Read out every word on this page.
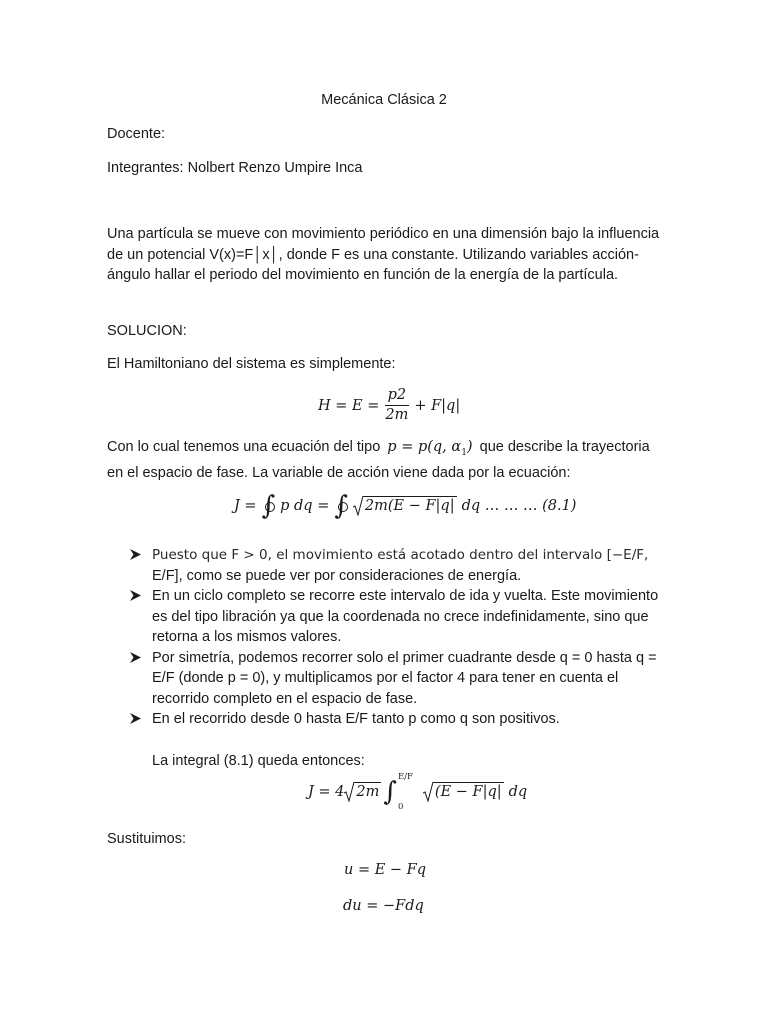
Mecánica Clásica 2
Docente:
Integrantes: Nolbert Renzo Umpire Inca
Una partícula se mueve con movimiento periódico en una dimensión bajo la influencia de un potencial V(x)=F│x│, donde F es una constante. Utilizando variables acción-ángulo hallar el periodo del movimiento en función de la energía de la partícula.
SOLUCION:
El Hamiltoniano del sistema es simplemente:
$H = E = \frac{p2}{2m} + F|q|$
Con lo cual tenemos una ecuación del tipo p = p(q, $\alpha_1$) que describe la trayectoria en el espacio de fase. La variable de acción viene dada por la ecuación:
J = ∫ p dq = ∫ 2m(E − F|q| dq … … … (8.1)
Puesto que F > 0, el movimiento está acotado dentro del intervalo [−E/F,
E/F], como se puede ver por consideraciones de energía.
En un ciclo completo se recorre este intervalo de ida y vuelta. Este movimiento es del tipo libración ya que la coordenada no crece indefinidamente, sino que retorna a los mismos valores.
Por simetría, podemos recorrer solo el primer cuadrante desde q = 0 hasta q = E/F (donde p = 0), y multiplicamos por el factor 4 para tener en cuenta el recorrido completo en el espacio de fase.
En el recorrido desde 0 hasta E/F tanto p como q son positivos.
La integral (8.1) queda entonces:
J = 4 2m ∫ E/F
0
(E − F|q| dq
Sustituimos:
u = E − Fq
du = −Fdq
